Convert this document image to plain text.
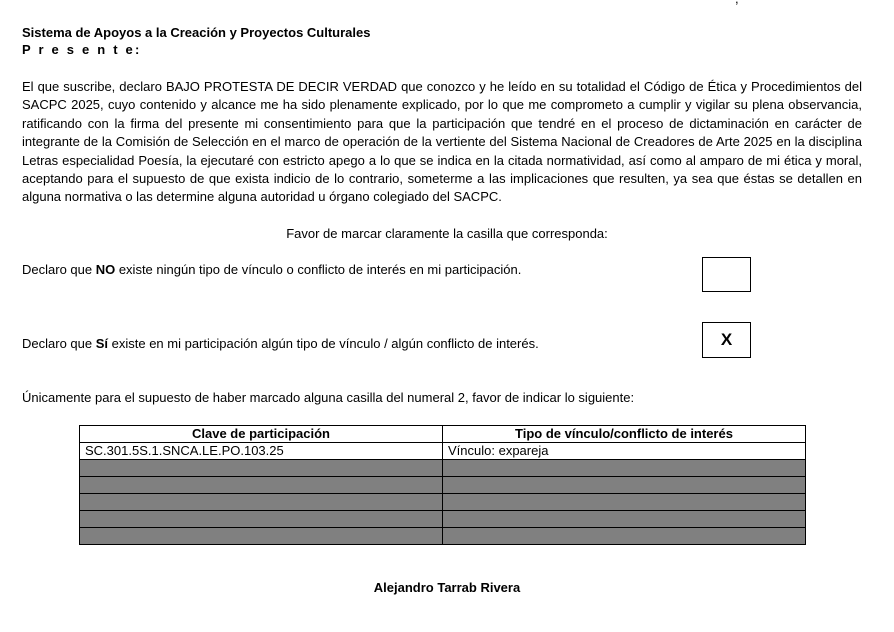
Sistema de Apoyos a la Creación y Proyectos Culturales
P r e s e n t e:

El que suscribe, declaro BAJO PROTESTA DE DECIR VERDAD que conozco y he leído en su totalidad el Código de Ética y Procedimientos del SACPC 2025, cuyo contenido y alcance me ha sido plenamente explicado, por lo que me comprometo a cumplir y vigilar su plena observancia, ratificando con la firma del presente mi consentimiento para que la participación que tendré en el proceso de dictaminación en carácter de integrante de la Comisión de Selección en el marco de operación de la vertiente del Sistema Nacional de Creadores de Arte 2025 en la disciplina Letras especialidad Poesía, la ejecutaré con estricto apego a lo que se indica en la citada normatividad, así como al amparo de mi ética y moral, aceptando para el supuesto de que exista indicio de lo contrario, someterme a las implicaciones que resulten, ya sea que éstas se detallen en alguna normativa o las determine alguna autoridad u órgano colegiado del SACPC.

Favor de marcar claramente la casilla que corresponda:
Declaro que NO existe ningún tipo de vínculo o conflicto de interés en mi participación.
Declaro que Sí existe en mi participación algún tipo de vínculo / algún conflicto de interés.	X
Únicamente para el supuesto de haber marcado alguna casilla del numeral 2, favor de indicar lo siguiente:
Clave de participación	Tipo de vínculo/conflicto de interés
SC.301.5S.1.SNCA.LE.PO.103.25	Vínculo: expareja

Alejandro Tarrab Rivera
